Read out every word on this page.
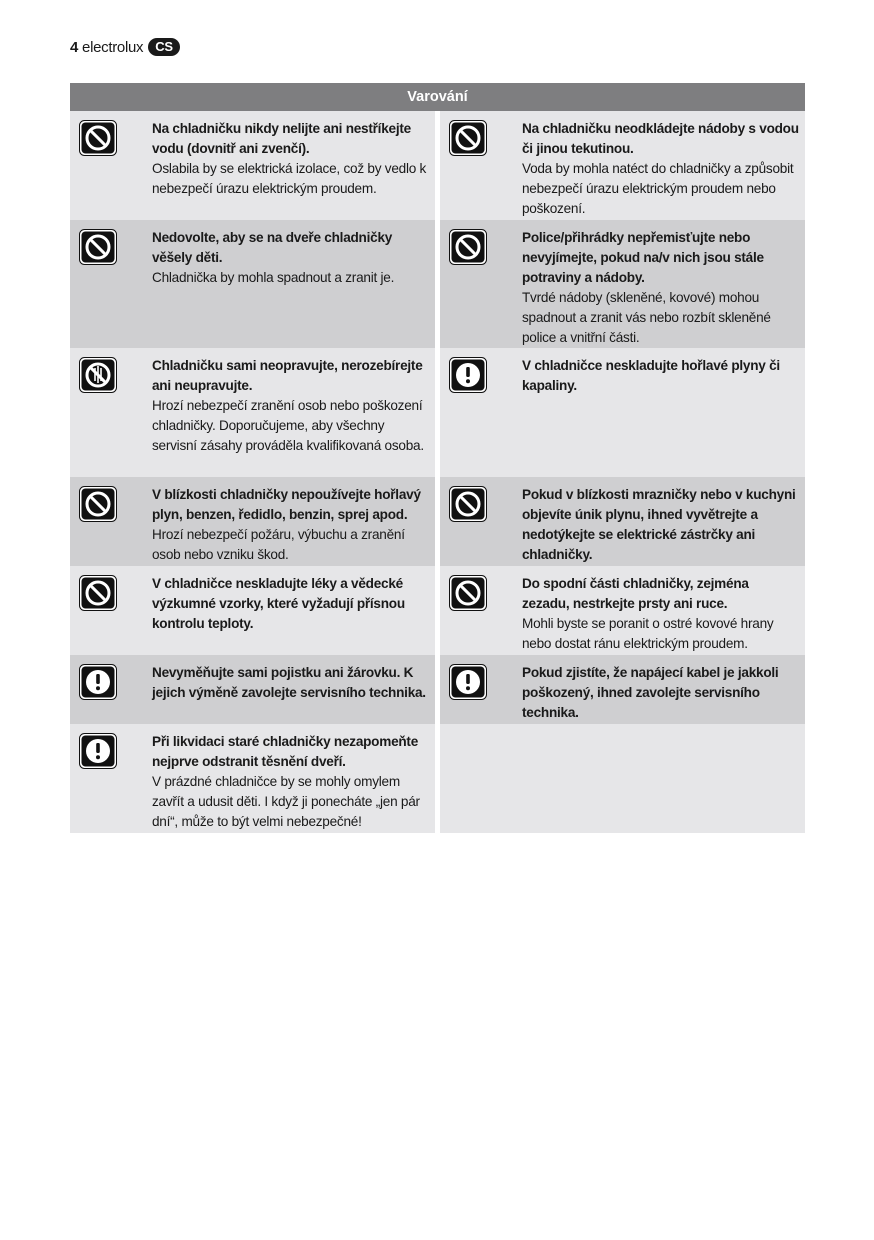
4 electrolux CS
Varování
Na chladničku nikdy nelijte ani nestříkejte vodu (dovnitř ani zvenčí).
Oslabila by se elektrická izolace, což by vedlo k nebezpečí úrazu elektrickým proudem.
Na chladničku neodkládejte nádoby s vodou či jinou tekutinou.
Voda by mohla natéct do chladničky a způsobit nebezpečí úrazu elektrickým proudem nebo poškození.
Nedovolte, aby se na dveře chladničky věšely děti.
Chladnička by mohla spadnout a zranit je.
Police/přihrádky nepřemisťujte nebo nevyjímejte, pokud na/v nich jsou stále potraviny a nádoby.
Tvrdé nádoby (skleněné, kovové) mohou spadnout a zranit vás nebo rozbít skleněné police a vnitřní části.
Chladničku sami neopravujte, nerozebírejte ani neupravujte.
Hrozí nebezpečí zranění osob nebo poškození chladničky. Doporučujeme, aby všechny servisní zásahy prováděla kvalifikovaná osoba.
V chladničce neskladujte hořlavé plyny či kapaliny.
V blízkosti chladničky nepoužívejte hořlavý plyn, benzen, ředidlo, benzin, sprej apod.
Hrozí nebezpečí požáru, výbuchu a zranění osob nebo vzniku škod.
Pokud v blízkosti mrazničky nebo v kuchyni objevíte únik plynu, ihned vyvětrejte a nedotýkejte se elektrické zástrčky ani chladničky.
V chladničce neskladujte léky a vědecké výzkumné vzorky, které vyžadují přísnou kontrolu teploty.
Do spodní části chladničky, zejména zezadu, nestrkejte prsty ani ruce.
Mohli byste se poranit o ostré kovové hrany nebo dostat ránu elektrickým proudem.
Nevyměňujte sami pojistku ani žárovku. K jejich výměně zavolejte servisního technika.
Pokud zjistíte, že napájecí kabel je jakkoli poškozený, ihned zavolejte servisního technika.
Při likvidaci staré chladničky nezapomeňte nejprve odstranit těsnění dveří.
V prázdné chladničce by se mohly omylem zavřít a udusit děti. I když ji ponecháte „jen pár dní“, může to být velmi nebezpečné!
